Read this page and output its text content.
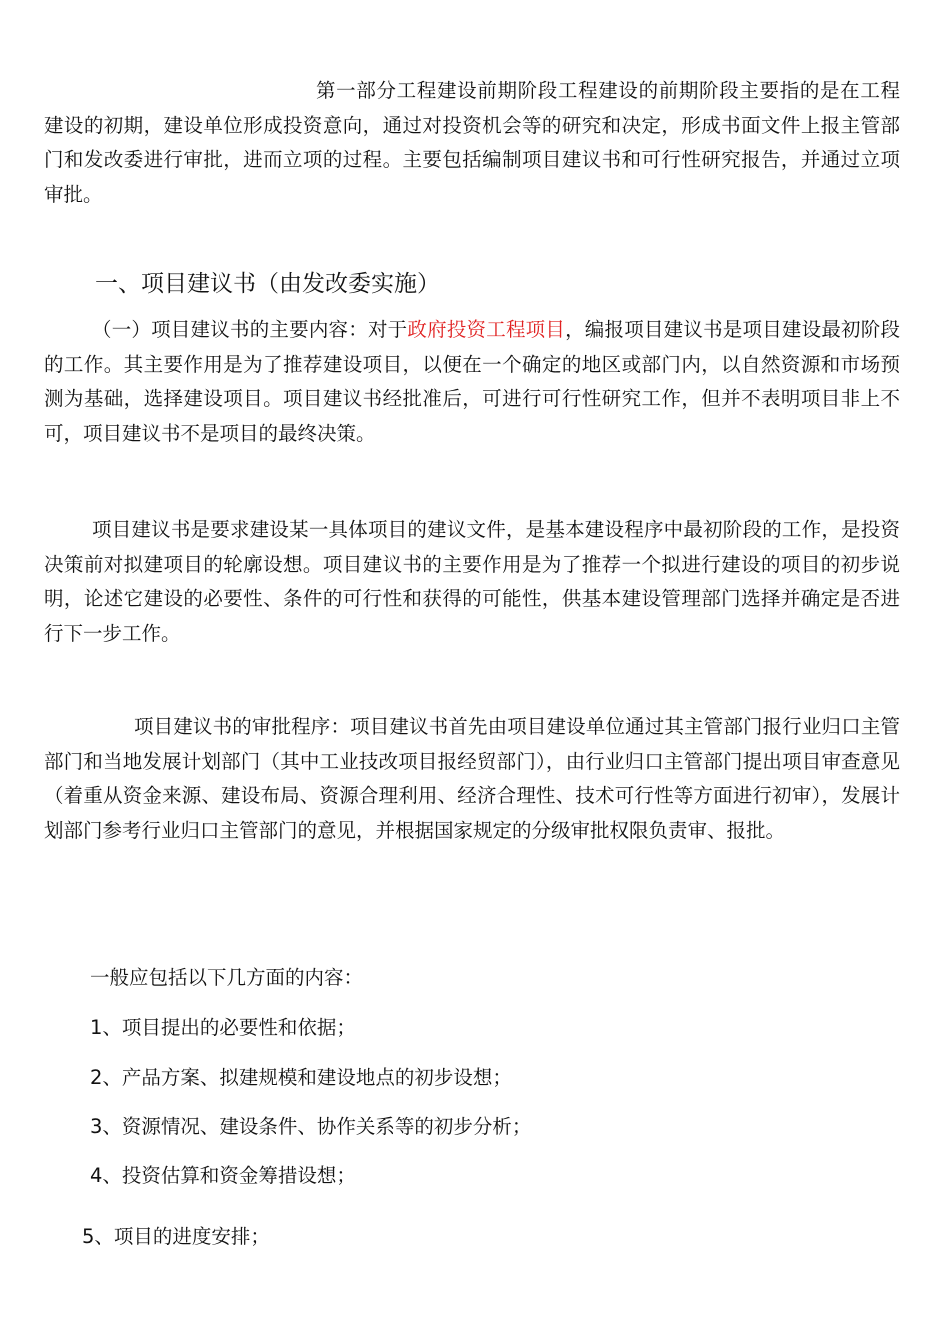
第一部分工程建设前期阶段工程建设的前期阶段主要指的是在工程建设的初期，建设单位形成投资意向，通过对投资机会等的研究和决定，形成书面文件上报主管部门和发改委进行审批，进而立项的过程。主要包括编制项目建议书和可行性研究报告，并通过立项审批。

一、项目建议书（由发改委实施）

（一）项目建议书的主要内容：对于政府投资工程项目，编报项目建议书是项目建设最初阶段的工作。其主要作用是为了推荐建设项目，以便在一个确定的地区或部门内，以自然资源和市场预测为基础，选择建设项目。项目建议书经批准后，可进行可行性研究工作，但并不表明项目非上不可，项目建议书不是项目的最终决策。

项目建议书是要求建设某一具体项目的建议文件，是基本建设程序中最初阶段的工作，是投资决策前对拟建项目的轮廓设想。项目建议书的主要作用是为了推荐一个拟进行建设的项目的初步说明，论述它建设的必要性、条件的可行性和获得的可能性，供基本建设管理部门选择并确定是否进行下一步工作。

项目建议书的审批程序：项目建议书首先由项目建设单位通过其主管部门报行业归口主管部门和当地发展计划部门（其中工业技改项目报经贸部门），由行业归口主管部门提出项目审查意见（着重从资金来源、建设布局、资源合理利用、经济合理性、技术可行性等方面进行初审），发展计划部门参考行业归口主管部门的意见，并根据国家规定的分级审批权限负责审、报批。

一般应包括以下几方面的内容：

1、项目提出的必要性和依据；

2、产品方案、拟建规模和建设地点的初步设想；

3、资源情况、建设条件、协作关系等的初步分析；

4、投资估算和资金筹措设想；

5、项目的进度安排；
